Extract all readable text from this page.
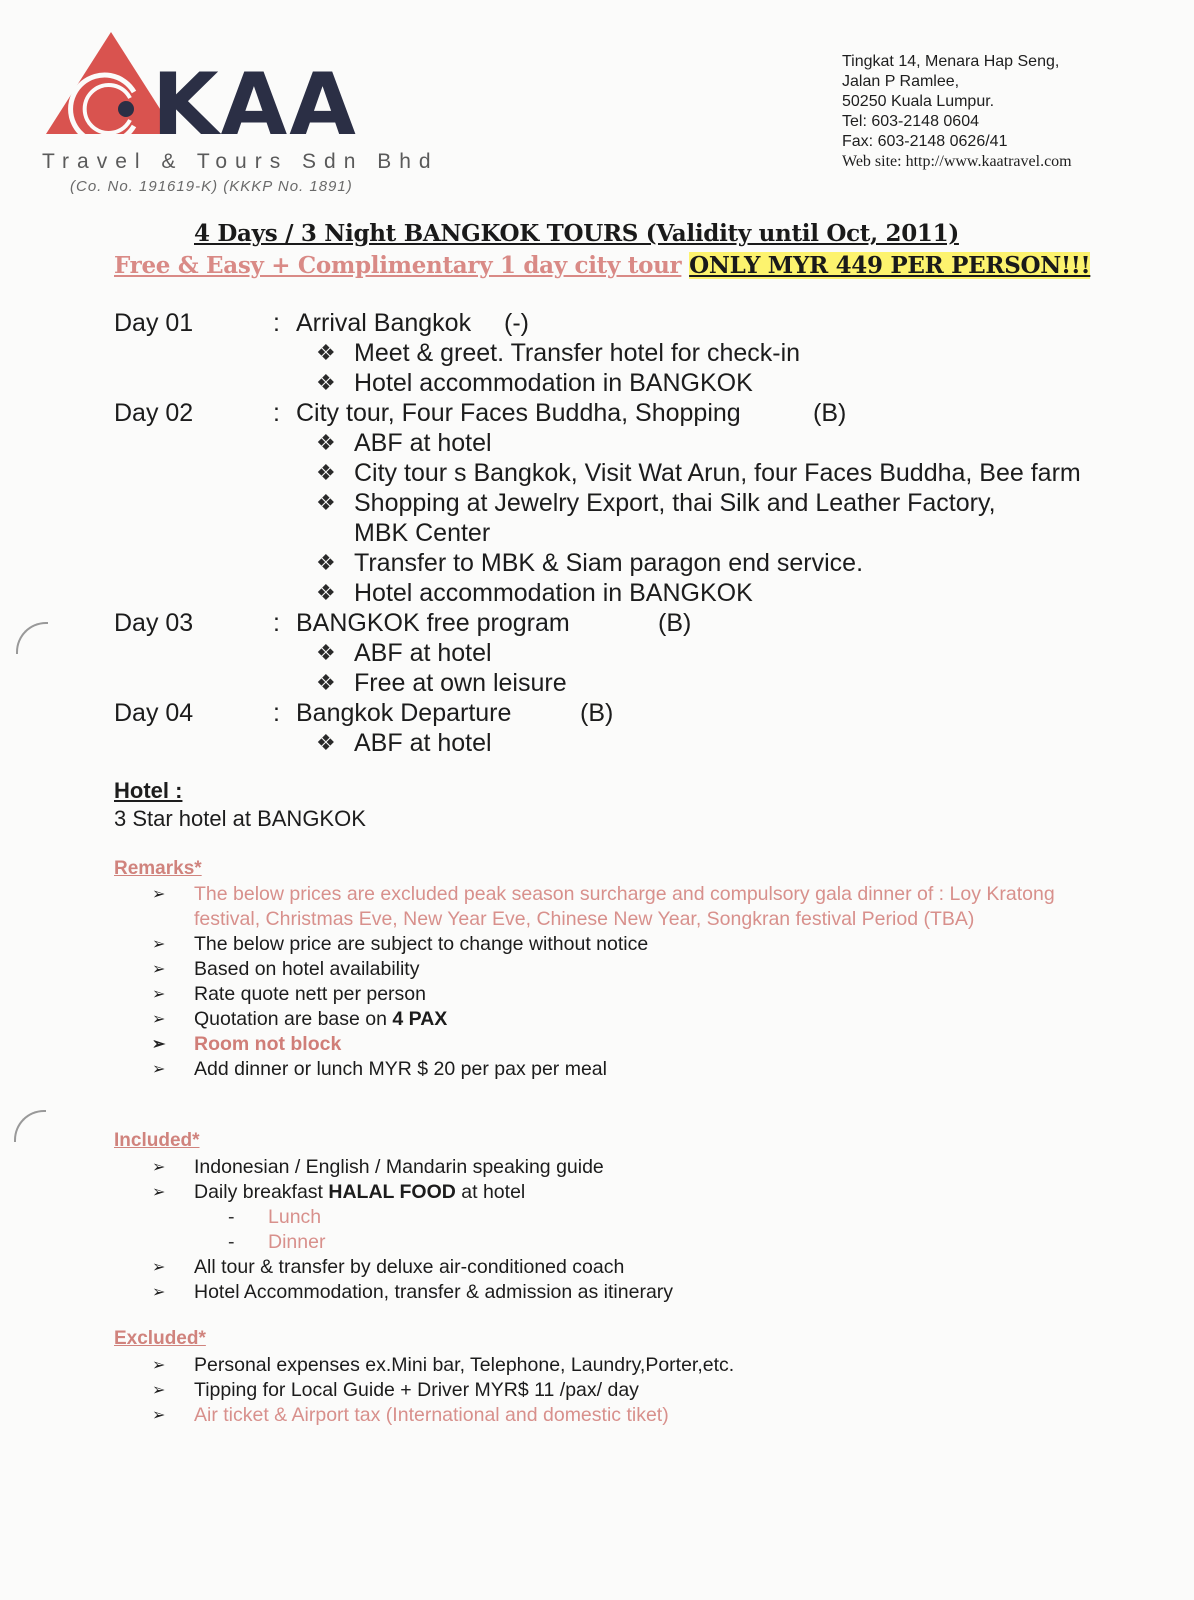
KAA
Travel & Tours Sdn Bhd
(Co. No. 191619-K) (KKKP No. 1891)
Tingkat 14, Menara Hap Seng,
Jalan P Ramlee,
50250 Kuala Lumpur.
Tel: 603-2148 0604
Fax: 603-2148 0626/41
Web site: http://www.kaatravel.com
4 Days / 3 Night BANGKOK TOURS (Validity until Oct, 2011)
Free & Easy + Complimentary 1 day city tour ONLY MYR 449 PER PERSON!!!
Day 01	: Arrival Bangkok (-)
❖ Meet & greet. Transfer hotel for check-in
❖ Hotel accommodation in BANGKOK
Day 02	: City tour, Four Faces Buddha, Shopping	(B)
❖ ABF at hotel
❖ City tour s Bangkok, Visit Wat Arun, four Faces Buddha, Bee farm
❖ Shopping at Jewelry Export, thai Silk and Leather Factory,
MBK Center
❖ Transfer to MBK & Siam paragon end service.
❖ Hotel accommodation in BANGKOK
Day 03	: BANGKOK free program	(B)
❖ ABF at hotel
❖ Free at own leisure
Day 04	: Bangkok Departure	(B)
❖ ABF at hotel
Hotel :
3 Star hotel at BANGKOK
Remarks*
➢ The below prices are excluded peak season surcharge and compulsory gala dinner of : Loy Kratong festival, Christmas Eve, New Year Eve, Chinese New Year, Songkran festival Period (TBA)
➢ The below price are subject to change without notice
➢ Based on hotel availability
➢ Rate quote nett per person
➢ Quotation are base on 4 PAX
➢ Room not block
➢ Add dinner or lunch MYR $ 20 per pax per meal
Included*
➢ Indonesian / English / Mandarin speaking guide
➢ Daily breakfast HALAL FOOD at hotel
- Lunch
- Dinner
➢ All tour & transfer by deluxe air-conditioned coach
➢ Hotel Accommodation, transfer & admission as itinerary
Excluded*
➢ Personal expenses ex.Mini bar, Telephone, Laundry,Porter,etc.
➢ Tipping for Local Guide + Driver MYR$ 11 /pax/ day
➢ Air ticket & Airport tax (International and domestic tiket)
